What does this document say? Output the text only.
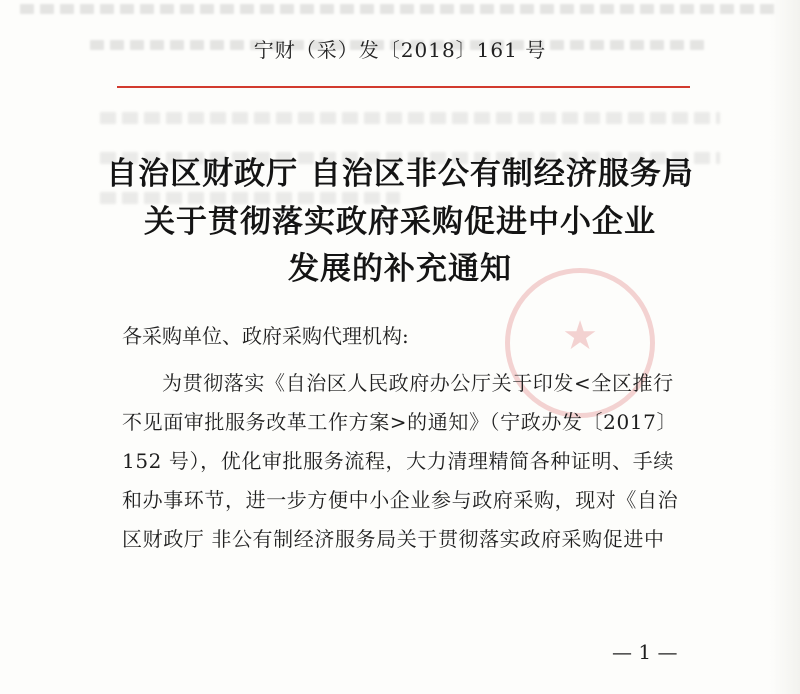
宁财（采）发〔2018〕161 号
自治区财政厅 自治区非公有制经济服务局
关于贯彻落实政府采购促进中小企业
发展的补充通知
★
各采购单位、政府采购代理机构:
为贯彻落实《自治区人民政府办公厅关于印发<全区推行
不见面审批服务改革工作方案>的通知》（宁政办发〔2017〕
152 号），优化审批服务流程，大力清理精简各种证明、手续
和办事环节，进一步方便中小企业参与政府采购，现对《自治
区财政厅 非公有制经济服务局关于贯彻落实政府采购促进中
— 1 —
